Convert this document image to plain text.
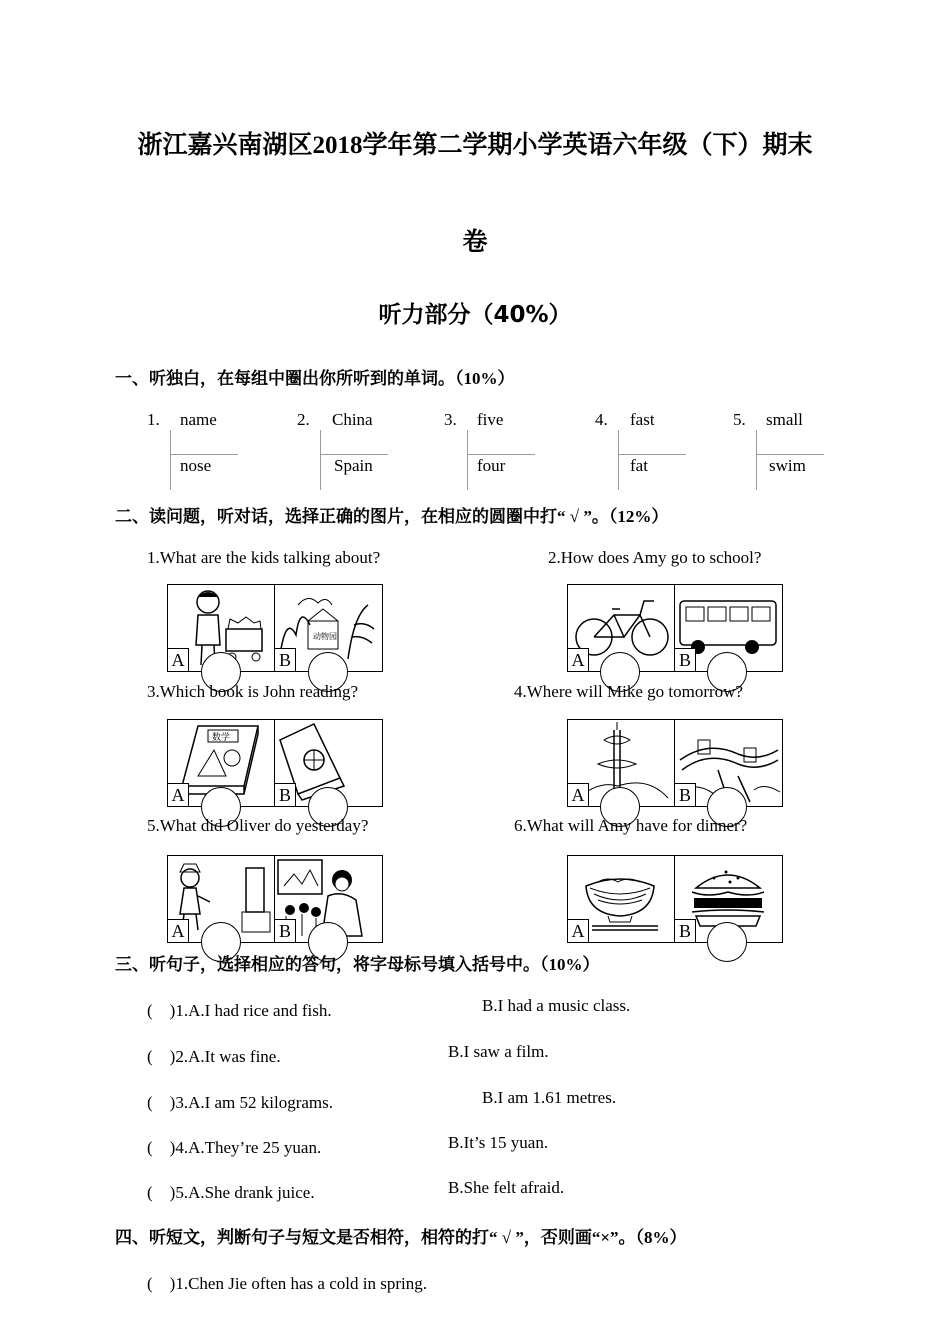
浙江嘉兴南湖区2018学年第二学期小学英语六年级（下）期末
卷
听力部分（40%）
一、听独白，在每组中圈出你所听到的单词。（10%）
1. name
nose
2. China
Spain
3. five
four
4. fast
fat
5. small
swim
二、读问题，听对话，选择正确的图片，在相应的圆圈中打“ √ ”。（12%）
1.What are the kids talking about?	2.How does Amy go to school?
动物园
A	B	A	B
3.Which book is John reading?	4.Where will Mike go tomorrow?
数学
A	B	A	B
5.What did Oliver do yesterday?	6.What will Amy have for dinner?
A	B	A	B
三、听句子，选择相应的答句，将字母标号填入括号中。（10%）
(　)1.A.I had rice and fish.	B.I had a music class.
(　)2.A.It was fine.	B.I saw a film.
(　)3.A.I am 52 kilograms.	B.I am 1.61 metres.
(　)4.A.They’re 25 yuan.	B.It’s 15 yuan.
(　)5.A.She drank juice.	B.She felt afraid.
四、听短文，判断句子与短文是否相符，相符的打“ √ ”，否则画“×”。（8%）
(　)1.Chen Jie often has a cold in spring.
